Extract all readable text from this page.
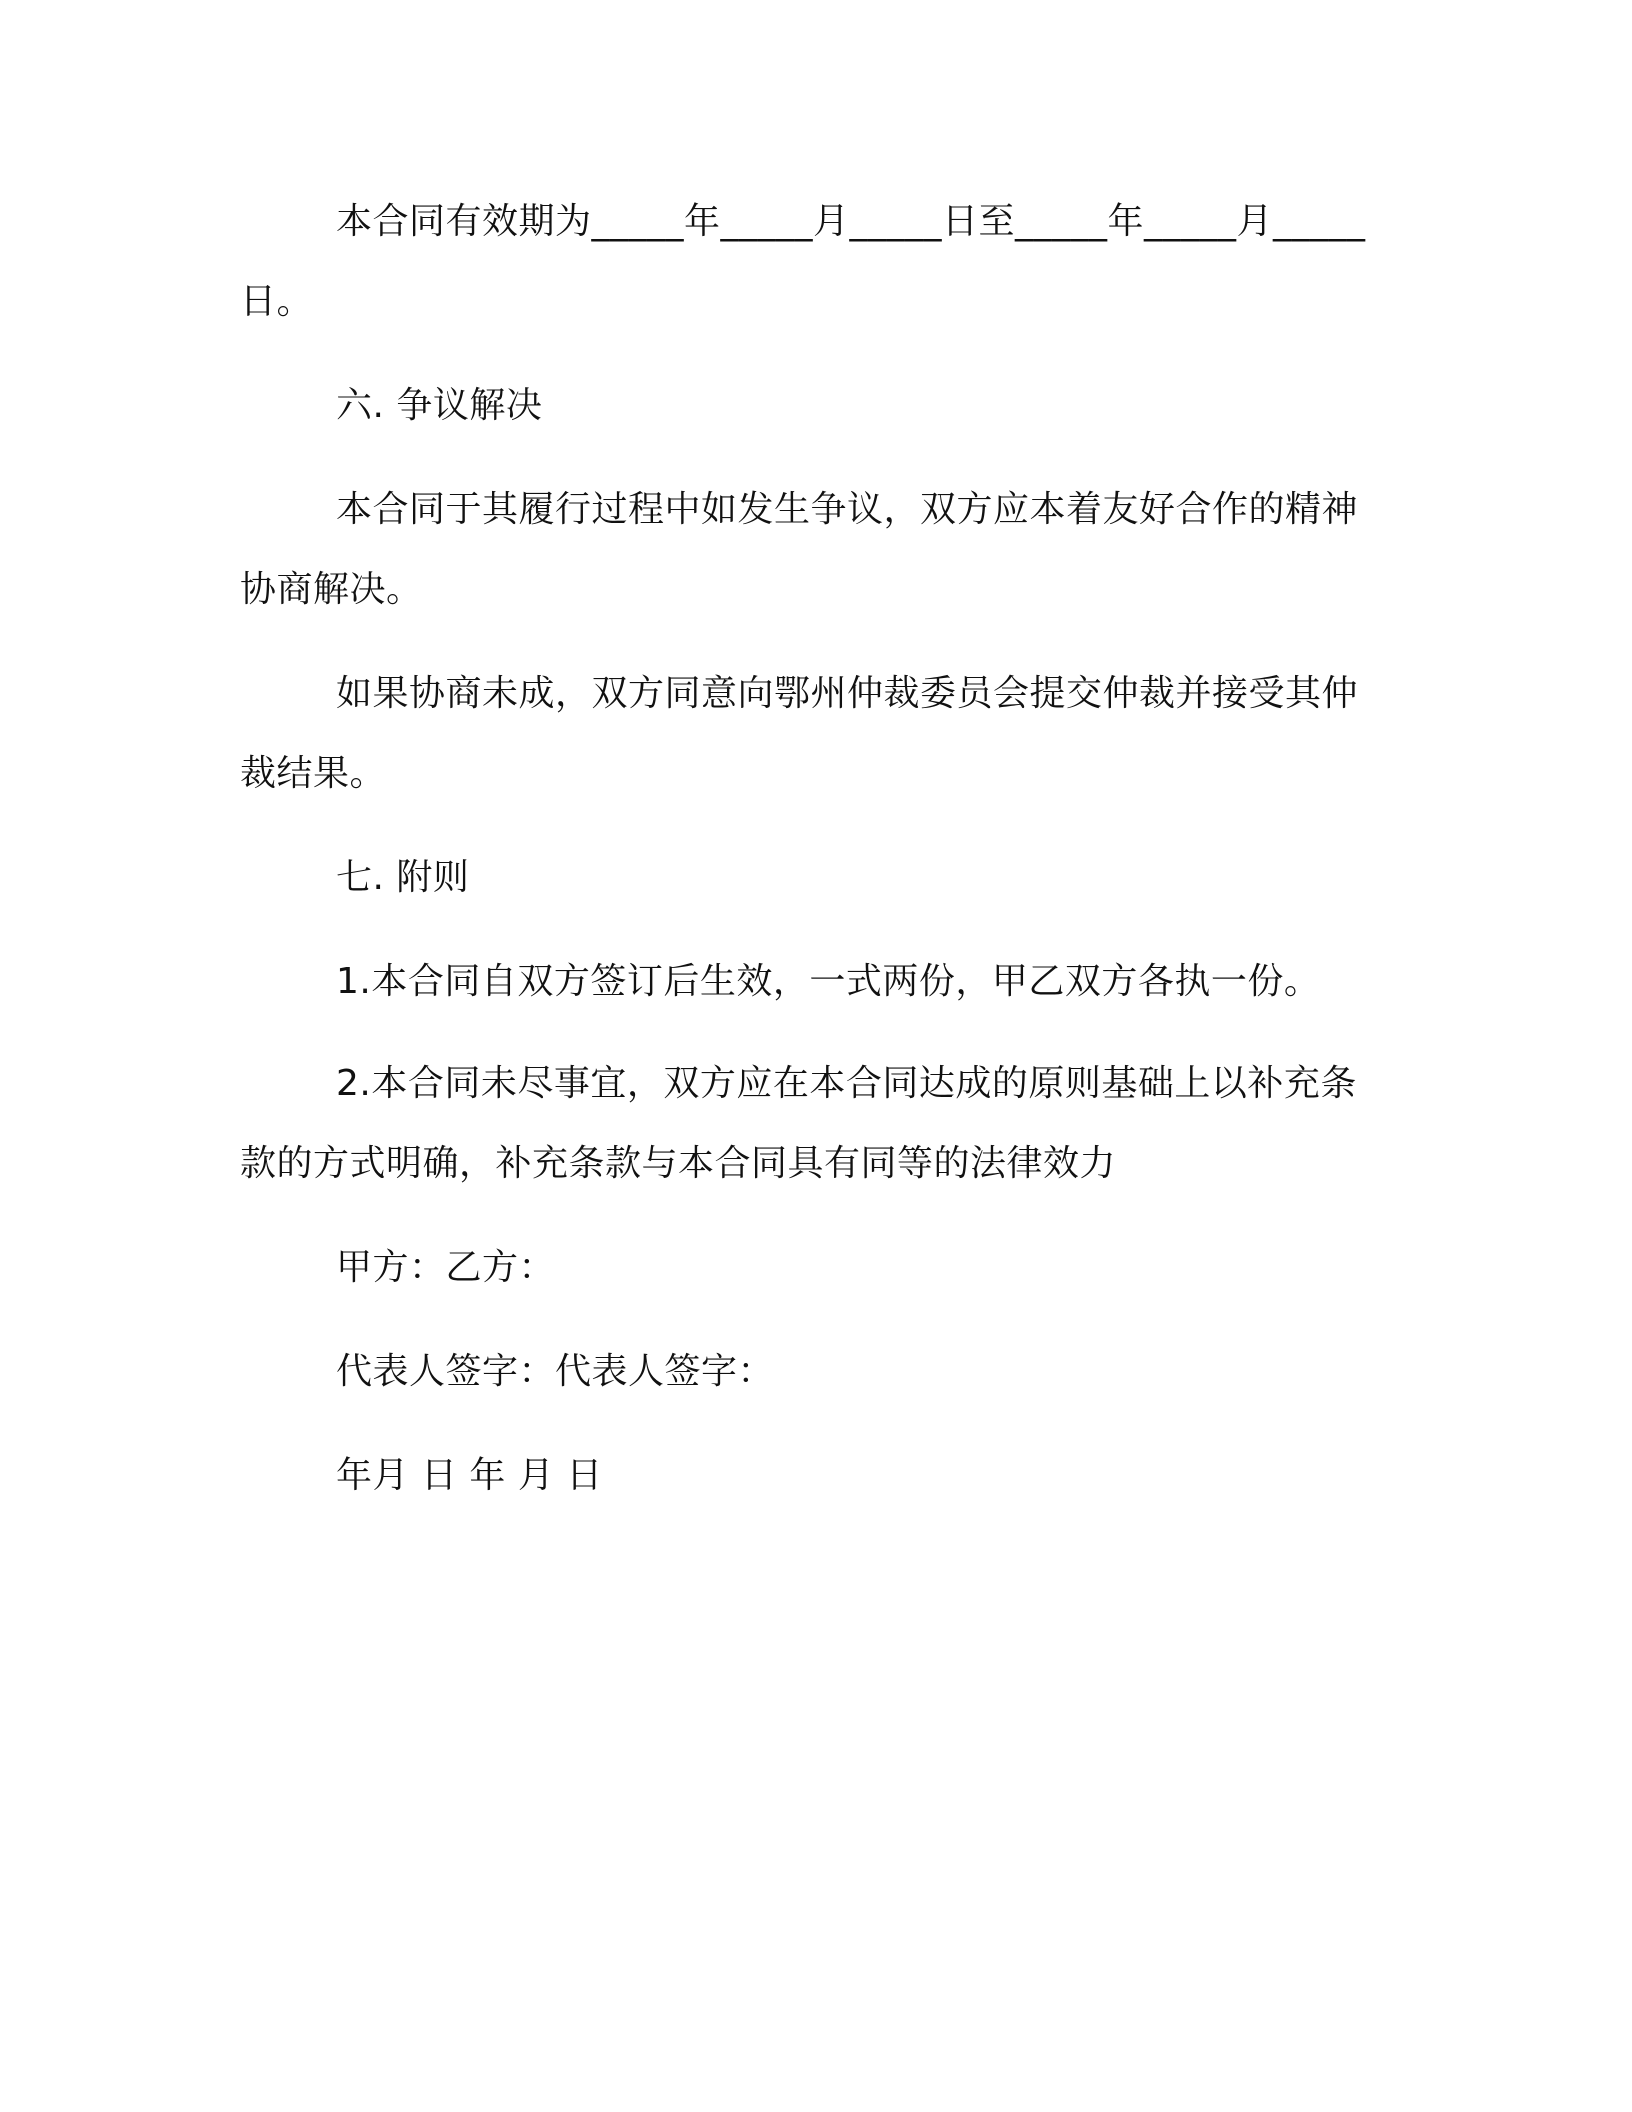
本合同有效期为_____年_____月_____日至_____年_____月_____日。

六. 争议解决

本合同于其履行过程中如发生争议，双方应本着友好合作的精神协商解决。

如果协商未成，双方同意向鄂州仲裁委员会提交仲裁并接受其仲裁结果。

七. 附则

1.本合同自双方签订后生效，一式两份，甲乙双方各执一份。

2.本合同未尽事宜，双方应在本合同达成的原则基础上以补充条款的方式明确，补充条款与本合同具有同等的法律效力

甲方：乙方：

代表人签字：代表人签字：

年月 日 年 月 日
